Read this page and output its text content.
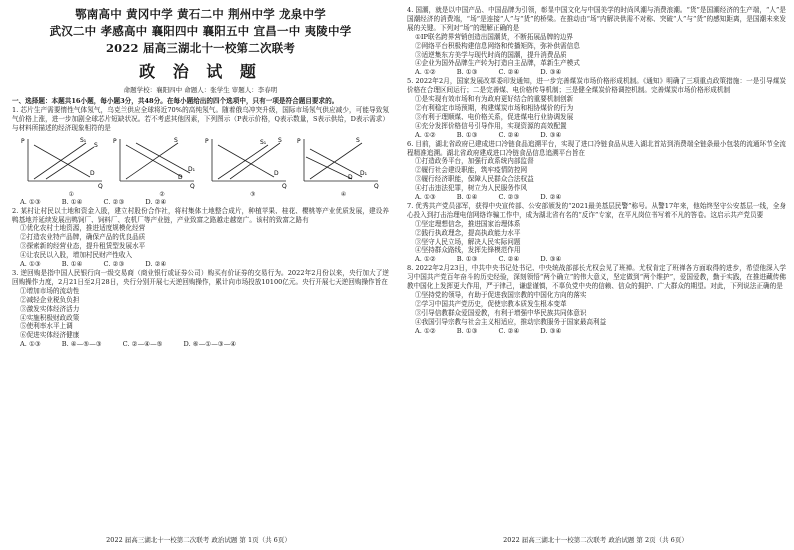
鄂南高中 黄冈中学 黄石二中 荆州中学 龙泉中学
武汉二中 孝感高中 襄阳四中 襄阳五中 宜昌一中 夷陵中学
2022 届高三湖北十一校第二次联考
政 治 试 题
命题学校：襄阳四中 命题人：张学生 审题人：李春明
一、选择题：本题共16小题，每小题3分，共48分。在每小题给出的四个选项中，只有一项是符合题目要求的。
1. 芯片生产需要惰性气体氖气，乌克兰供应全球将近70%的高纯氖气。随着俄乌冲突升级，国际市场氖气供应减少，可能导致氖气价格上涨，进一步加剧全球芯片短缺状况。若不考虑其他因素，下列图示（P表示价格，Q表示数量，S表示供给，D表示需求）与材料所描述的经济现象相符的是
P
Q
S₁
S
D
P
Q
S
D
D₁
P
Q
S
S₁
D
P
Q
S
D₁
D
①	②	③	④
A. ①③          B. ①④          C. ②③          D. ②④
2. 某村让村民以土地和资金入股，建立村股份合作社，将村集体土地整合成片，种植苹果、桂花、樱桃等产业优质发展，建设养鸭基地并延续发展出鸭饲厂、饲料厂、农机厂等产业链，产业致富之路越走越宽广。该村的致富之路有
①优化农村土地资源，推进适度规模化经营
②打造农业特产品牌，确保产品的优良品质
③探索新的经营业态，提升租赁型发展水平
④让农民以入股，增加村民财产性收入
A. ①③          B. ①④          C. ②③          D. ②④
3. 逆回购是指中国人民银行向一级交易商（商业银行或证券公司）购买有价证券的交易行为。2022年2月份以来，央行加大了逆回购操作力度，2月21日至2月28日，央行分别开展七天逆回购操作，累计向市场投放10100亿元。央行开展七天逆回购操作旨在
①增加市场的流动性
②减轻企业税负负担
③激发实体经济活力
④实施积极财政政策
⑤使利率水平上调
⑥促进实体经济健康
A. ①③          B. ④—⑤—③          C. ②—④—⑤          D. ⑥—①—③—④
2022 届高三湖北十一校第二次联考 政治试题 第 1页（共 6页）
4. 国潮，就是以中国产品、中国品牌为引领，彰显中国文化与中国美学的时尚风潮与消费浪潮。“货”是国潮经济的生产端，“人”是国潮经济的消费端，“场”是连接“人”与“货”的桥梁。在推动由“场”内解决供需不对称、突破“人”与“货”的感知距离，是国潮未来发展的关键。下列对“场”的理解正确的是
①IP联名跨界营销创造出国潮货，不断拓展品牌的边界
②网络平台积极构建信息网络和传播矩阵，弥补供需信息
③适逆集东方美学与现代时尚的国潮，提升消费品质
④企业为国外品牌生产转为打造自主品牌，革新生产模式
A. ①②          B. ①③          C. ②④          D. ③④
5. 2022年2月，国家发展改革委印发通知，进一步完善煤炭市场价格形成机制。《通知》明确了三项重点政策措施：一是引导煤炭价格在合理区间运行；二是完善煤、电价格传导机制；三是健全煤炭价格调控机制。完善煤炭市场价格形成机制
①是实现有效市场和有为政府更好结合的重要机制创新
②有利稳定市场预期，构建煤炭市场和相协煤价的行为
③有利于理顺煤、电价格关系，促进煤电行业协调发展
④充分发挥价格信号引导作用，实现资源的高效配置
A. ①②          B. ①③          C. ②④          D. ③④
6. 目前，湖北省政府已建成进口冷链食品追溯平台，实现了进口冷链食品从进入湖北首站到消费端全链条最小包装的流通环节全流程精准追溯。湖北省政府建成进口冷链食品信息追溯平台旨在
①打造政务平台，加强行政系统内部监督
②履行社会建设职能，筑牢疫情防控网
③履行经济职能，保障人民群众合法权益
④打击违法犯罪，树立为人民服务作风
A. ①③          B. ①④          C. ②③          D. ②④
7. 优秀共产党员邵军，获得中央宣传部、公安部颁发的“2021最美基层民警”称号。从警17年来，他始终坚守公安基层一线，全身心投入到打击治理电信网络诈骗工作中，成为湖北省有名的“反诈”专家，在平凡岗位书写着不凡的答卷。这启示共产党员要
①坚定理想信念，推进国家治理体系
②践行执政理念，提高执政能力水平
③坚守人民立场，解决人民实际问题
④坚持群众路线，发挥先锋模范作用
A. ①②          B. ①③          C. ②④          D. ③④
8. 2022年2月23日，中共中央书记处书记、中央统战部部长尤权会见了班禅。尤权肯定了班禅各方面取得的进步，希望他深入学习中国共产党百年奋斗的历史经验，深刻领悟“两个确立”的伟大意义，坚定做到“两个维护”，爱国爱教，勤于实践，在推进藏传佛教中国化上发挥更大作用，严于律己，谦虚谨慎，不辜负党中央的信赖、信众的拥护、广大群众的期望。对此，下列说法正确的是
①坚持党的领导，有助于促进我国宗教的中国化方向的落实
②学习中国共产党历史，促使宗教本质发生根本变革
③引导信教群众爱国爱教，有利于增强中华民族共同体意识
④我国引导宗教与社会主义相适应，推动宗教服务于国家最高利益
A. ①②          B. ①③          C. ②④          D. ③④
2022 届高三湖北十一校第二次联考 政治试题 第 2页（共 6页）
